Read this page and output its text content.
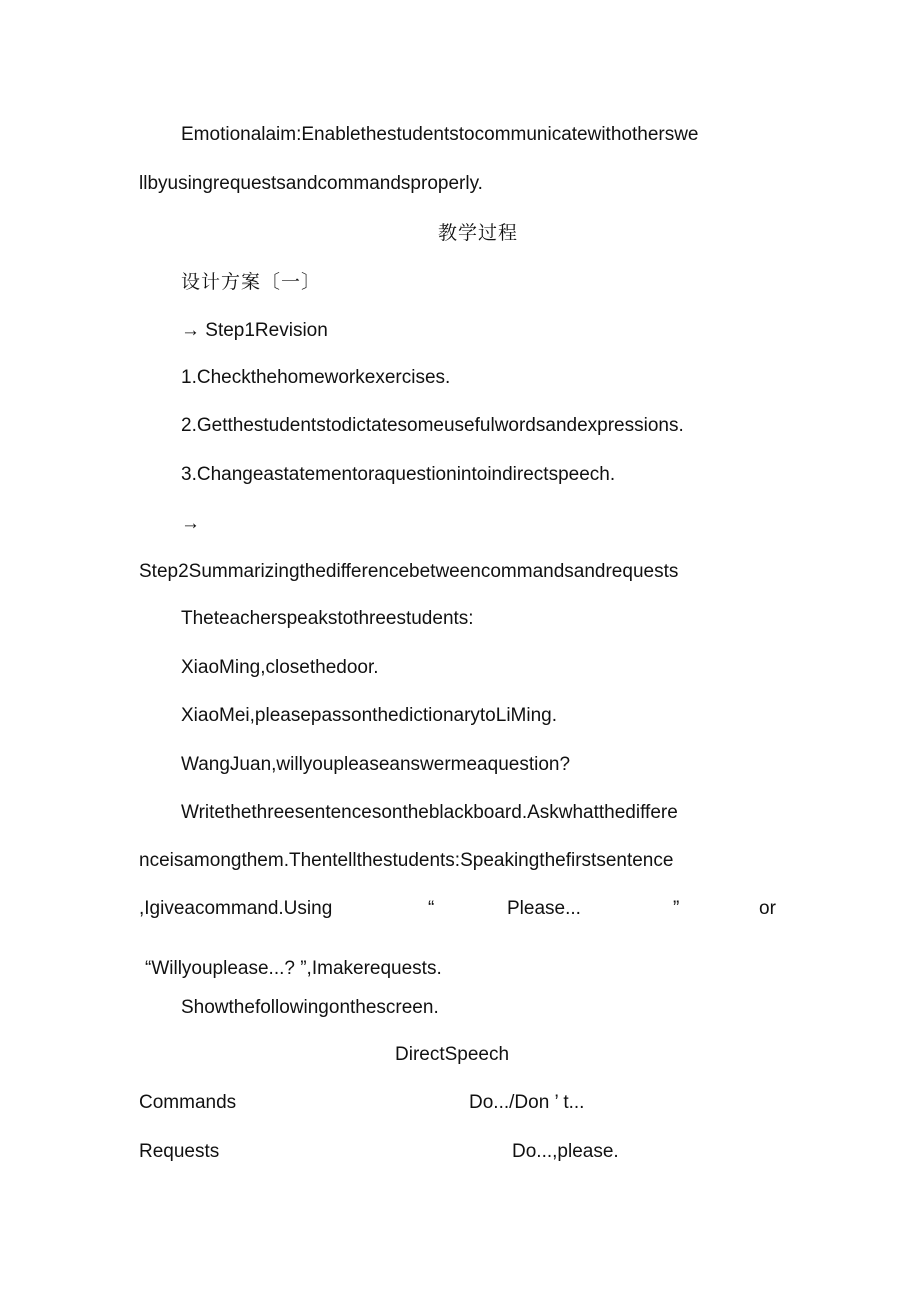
Emotionalaim:Enablethestudentstocommunicatewithotherswe
llbyusingrequestsandcommandsproperly.
教学过程
设计方案〔一〕
→ Step1Revision
1.Checkthehomeworkexercises.
2.Getthestudentstodictatesomeusefulwordsandexpressions.
3.Changeastatementoraquestionintoindirectspeech.
→
Step2Summarizingthedifferencebetweencommandsandrequests
Theteacherspeakstothreestudents:
XiaoMing,closethedoor.
XiaoMei,pleasepassonthedictionarytoLiMing.
WangJuan,willyoupleaseanswermeaquestion?
Writethethreesentencesontheblackboard.Askwhatthediffere
nceisamongthem.Thentellthestudents:Speakingthefirstsentence
,Igiveacommand.Using	“	Please...	”	or
“Willyouplease...? ”,Imakerequests.
Showthefollowingonthescreen.
DirectSpeech
Commands	Do.../Don ’ t...
Requests	Do...,please.
